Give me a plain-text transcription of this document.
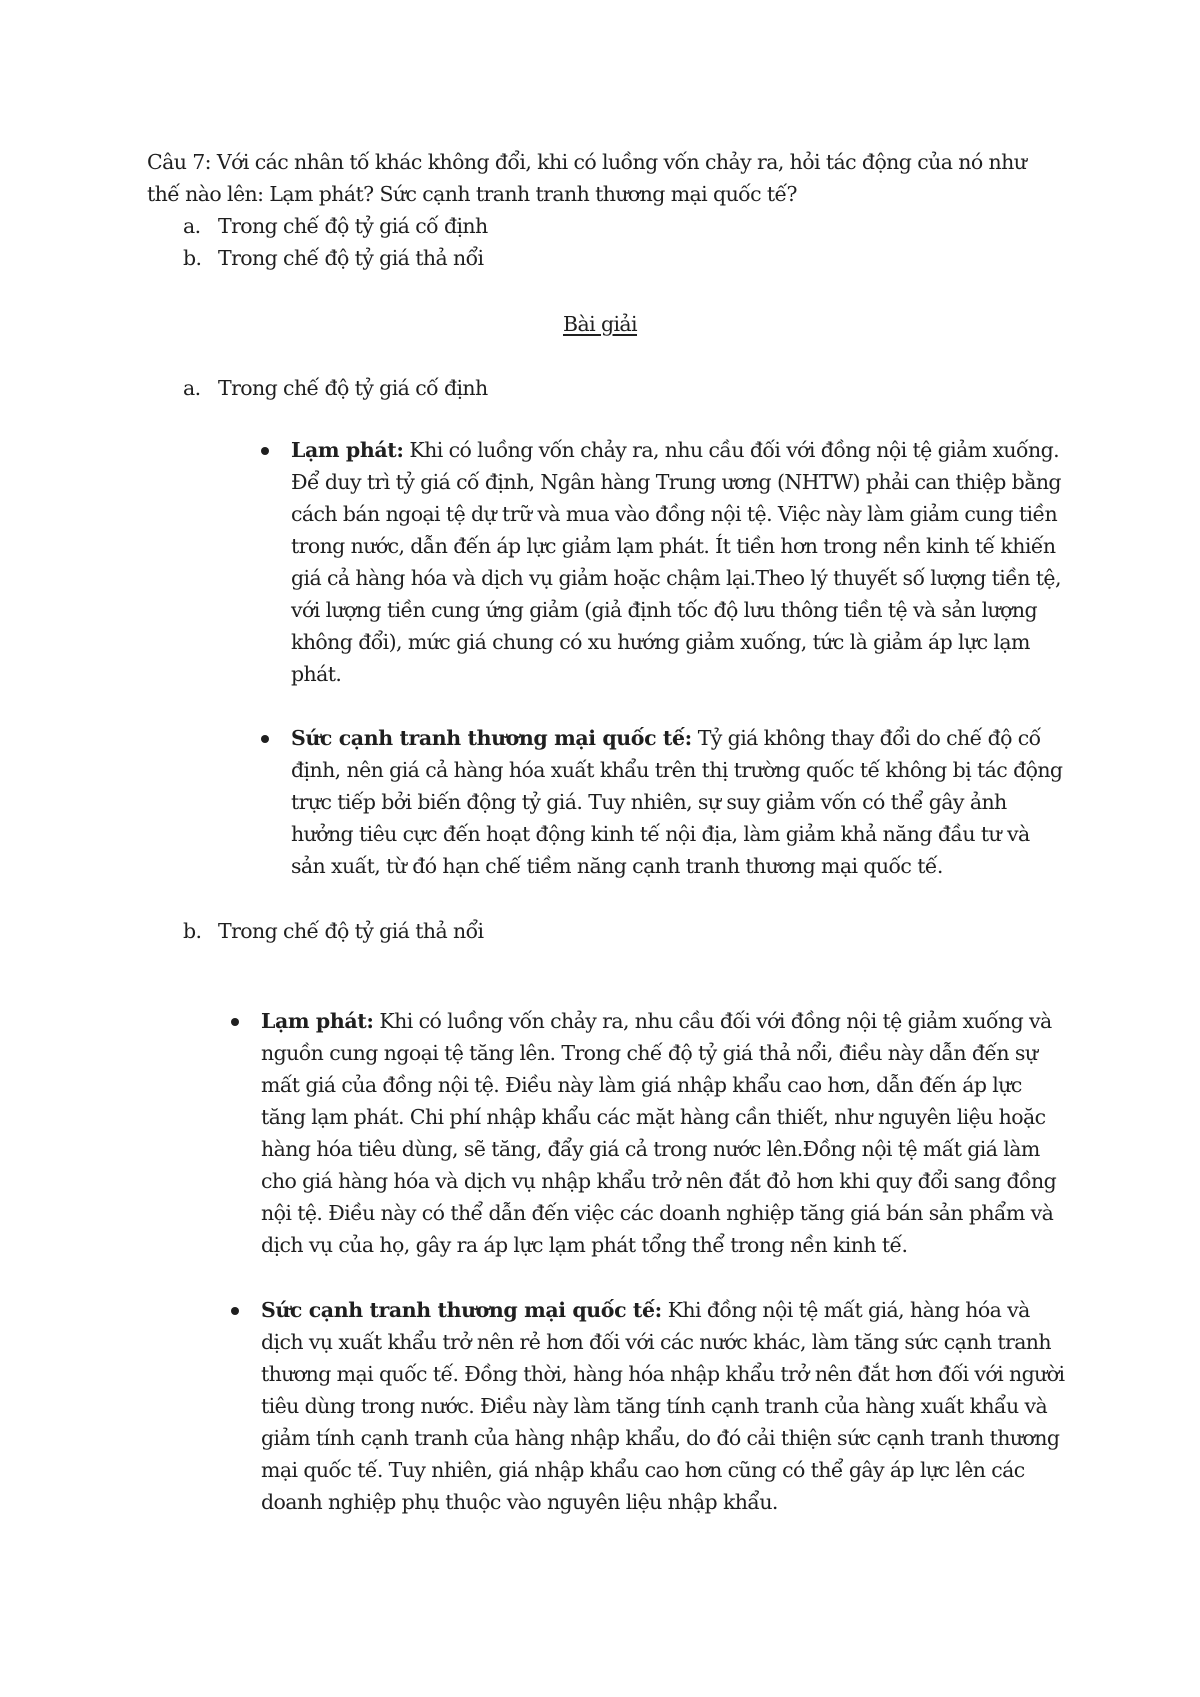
Câu 7: Với các nhân tố khác không đổi, khi có luồng vốn chảy ra, hỏi tác động của nó như thế nào lên: Lạm phát? Sức cạnh tranh tranh thương mại quốc tế?
a. Trong chế độ tỷ giá cố định
b. Trong chế độ tỷ giá thả nổi
Bài giải
a. Trong chế độ tỷ giá cố định
Lạm phát: Khi có luồng vốn chảy ra, nhu cầu đối với đồng nội tệ giảm xuống. Để duy trì tỷ giá cố định, Ngân hàng Trung ương (NHTW) phải can thiệp bằng cách bán ngoại tệ dự trữ và mua vào đồng nội tệ. Việc này làm giảm cung tiền trong nước, dẫn đến áp lực giảm lạm phát. Ít tiền hơn trong nền kinh tế khiến giá cả hàng hóa và dịch vụ giảm hoặc chậm lại.Theo lý thuyết số lượng tiền tệ, với lượng tiền cung ứng giảm (giả định tốc độ lưu thông tiền tệ và sản lượng không đổi), mức giá chung có xu hướng giảm xuống, tức là giảm áp lực lạm phát.
Sức cạnh tranh thương mại quốc tế: Tỷ giá không thay đổi do chế độ cố định, nên giá cả hàng hóa xuất khẩu trên thị trường quốc tế không bị tác động trực tiếp bởi biến động tỷ giá. Tuy nhiên, sự suy giảm vốn có thể gây ảnh hưởng tiêu cực đến hoạt động kinh tế nội địa, làm giảm khả năng đầu tư và sản xuất, từ đó hạn chế tiềm năng cạnh tranh thương mại quốc tế.
b. Trong chế độ tỷ giá thả nổi
Lạm phát: Khi có luồng vốn chảy ra, nhu cầu đối với đồng nội tệ giảm xuống và nguồn cung ngoại tệ tăng lên. Trong chế độ tỷ giá thả nổi, điều này dẫn đến sự mất giá của đồng nội tệ. Điều này làm giá nhập khẩu cao hơn, dẫn đến áp lực tăng lạm phát. Chi phí nhập khẩu các mặt hàng cần thiết, như nguyên liệu hoặc hàng hóa tiêu dùng, sẽ tăng, đẩy giá cả trong nước lên.Đồng nội tệ mất giá làm cho giá hàng hóa và dịch vụ nhập khẩu trở nên đắt đỏ hơn khi quy đổi sang đồng nội tệ. Điều này có thể dẫn đến việc các doanh nghiệp tăng giá bán sản phẩm và dịch vụ của họ, gây ra áp lực lạm phát tổng thể trong nền kinh tế.
Sức cạnh tranh thương mại quốc tế: Khi đồng nội tệ mất giá, hàng hóa và dịch vụ xuất khẩu trở nên rẻ hơn đối với các nước khác, làm tăng sức cạnh tranh thương mại quốc tế. Đồng thời, hàng hóa nhập khẩu trở nên đắt hơn đối với người tiêu dùng trong nước. Điều này làm tăng tính cạnh tranh của hàng xuất khẩu và giảm tính cạnh tranh của hàng nhập khẩu, do đó cải thiện sức cạnh tranh thương mại quốc tế. Tuy nhiên, giá nhập khẩu cao hơn cũng có thể gây áp lực lên các doanh nghiệp phụ thuộc vào nguyên liệu nhập khẩu.
